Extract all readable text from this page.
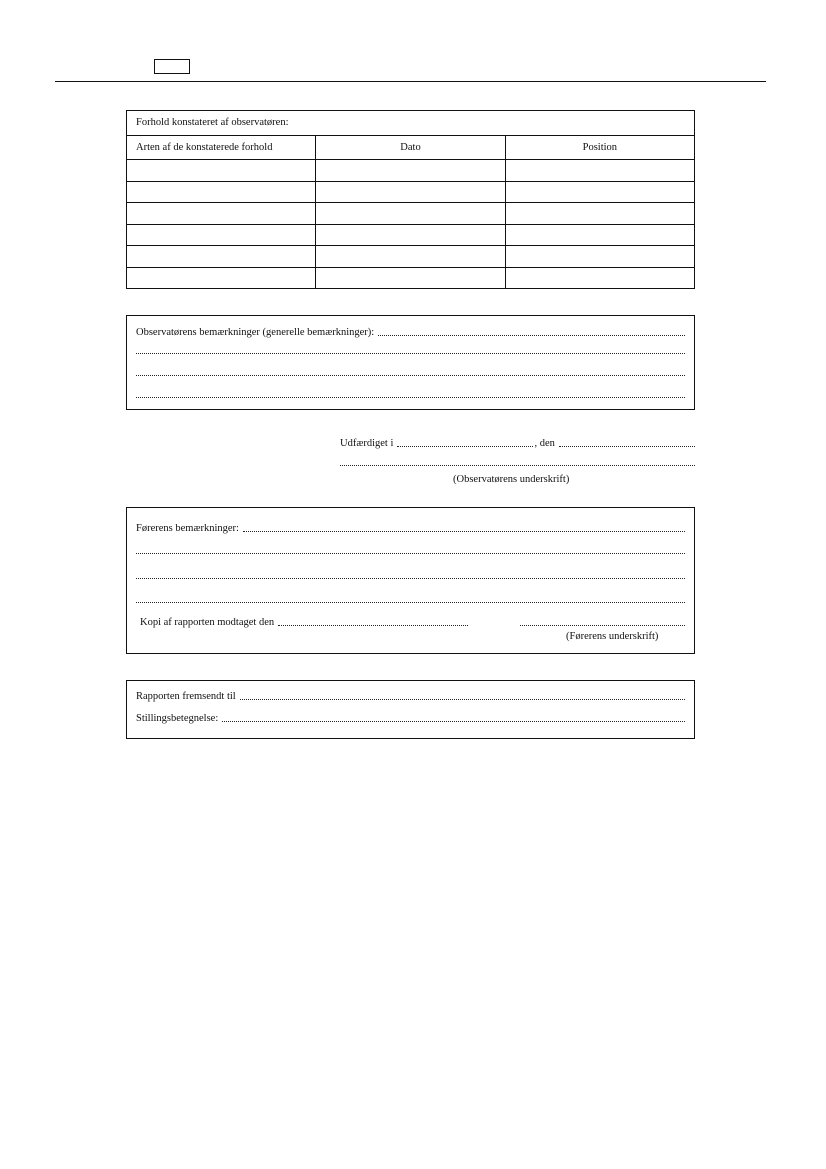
Forhold konstateret af observatøren:		
Arten af de konstaterede forhold	Dato	Position

Observatørens bemærkninger (generelle bemærkninger):
Udfærdiget i	, den
(Observatørens underskrift)
Førerens bemærkninger:
Kopi af rapporten modtaget den
(Førerens underskrift)
Rapporten fremsendt til
Stillingsbetegnelse:
